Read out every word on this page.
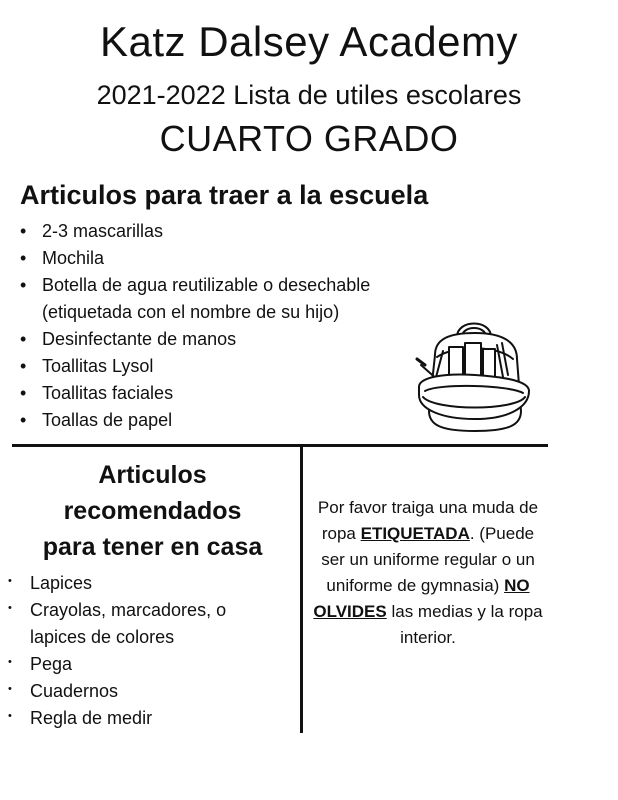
Katz Dalsey Academy
2021-2022 Lista de utiles escolares
CUARTO GRADO
Articulos para traer a la escuela
• 2-3 mascarillas
• Mochila
• Botella de agua reutilizable o desechable
(etiquetada con el nombre de su hijo)
• Desinfectante de manos
• Toallitas Lysol
• Toallitas faciales
• Toallas de papel
Articulos
recomendados
para tener en casa
• Lapices
• Crayolas, marcadores, o
lapices de colores
• Pega
• Cuadernos
• Regla de medir

Por favor traiga una muda de ropa ETIQUETADA. (Puede ser un uniforme regular o un uniforme de gymnasia) NO OLVIDES las medias y la ropa interior.
